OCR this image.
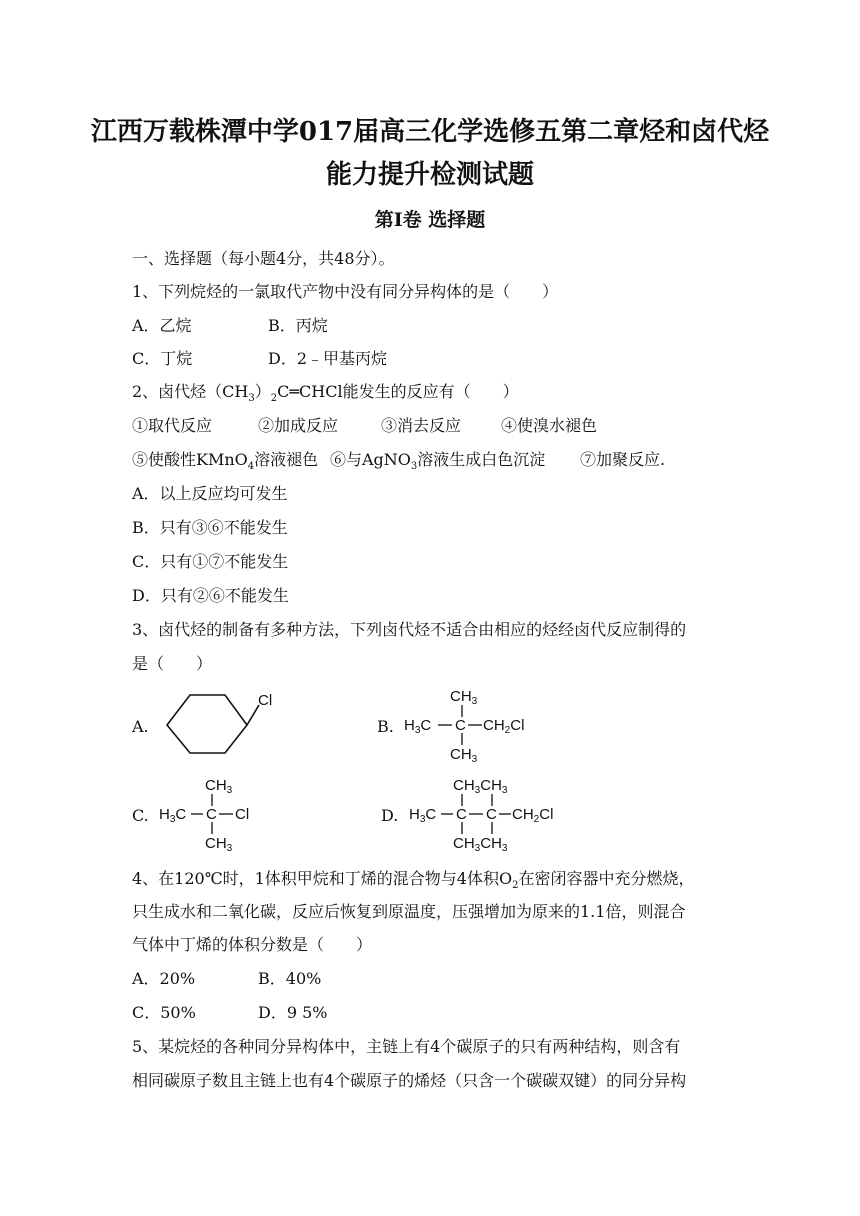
江西万载株潭中学017届高三化学选修五第二章烃和卤代烃
能力提升检测试题
第Ⅰ卷 选择题
一、选择题（每小题4分，共48分）。
1、下列烷烃的一氯取代产物中没有同分异构体的是（　　）
A．乙烷	B．丙烷
C．丁烷	D．2﹣甲基丙烷
2、卤代烃$(CH_3)_2C═CHCl$能发生的反应有（　　）
①取代反应	②加成反应	③消去反应 ④使溴水褪色
⑤使酸性KMnO$_4$溶液褪色 ⑥与AgNO$_3$溶液生成白色沉淀 ⑦加聚反应.
A．以上反应均可发生
B．只有③⑥不能发生
C．只有①⑦不能发生
D．只有②⑥不能发生
3、卤代烃的制备有多种方法，下列卤代烃不适合由相应的烃经卤代反应制得的
是（　　）
A.
Cl
B.
$CH_3$
$H_3C$ C $CH_2Cl$
$CH_3$
C.
$CH_3$
$H_3C$ C Cl
$CH_3$
D.
$CH_3CH_3$
$H_3C$ C C $CH_2Cl$
$CH_3CH_3$
4、在120℃时，1体积甲烷和丁烯的混合物与4体积$O_2$在密闭容器中充分燃烧，
只生成水和二氧化碳，反应后恢复到原温度，压强增加为原来的1.1倍，则混合
气体中丁烯的体积分数是（　　）
A．20%	B．40%
C．50%	D．9 5%
5、某烷烃的各种同分异构体中，主链上有4个碳原子的只有两种结构，则含有
相同碳原子数且主链上也有4个碳原子的烯烃（只含一个碳碳双键）的同分异构
